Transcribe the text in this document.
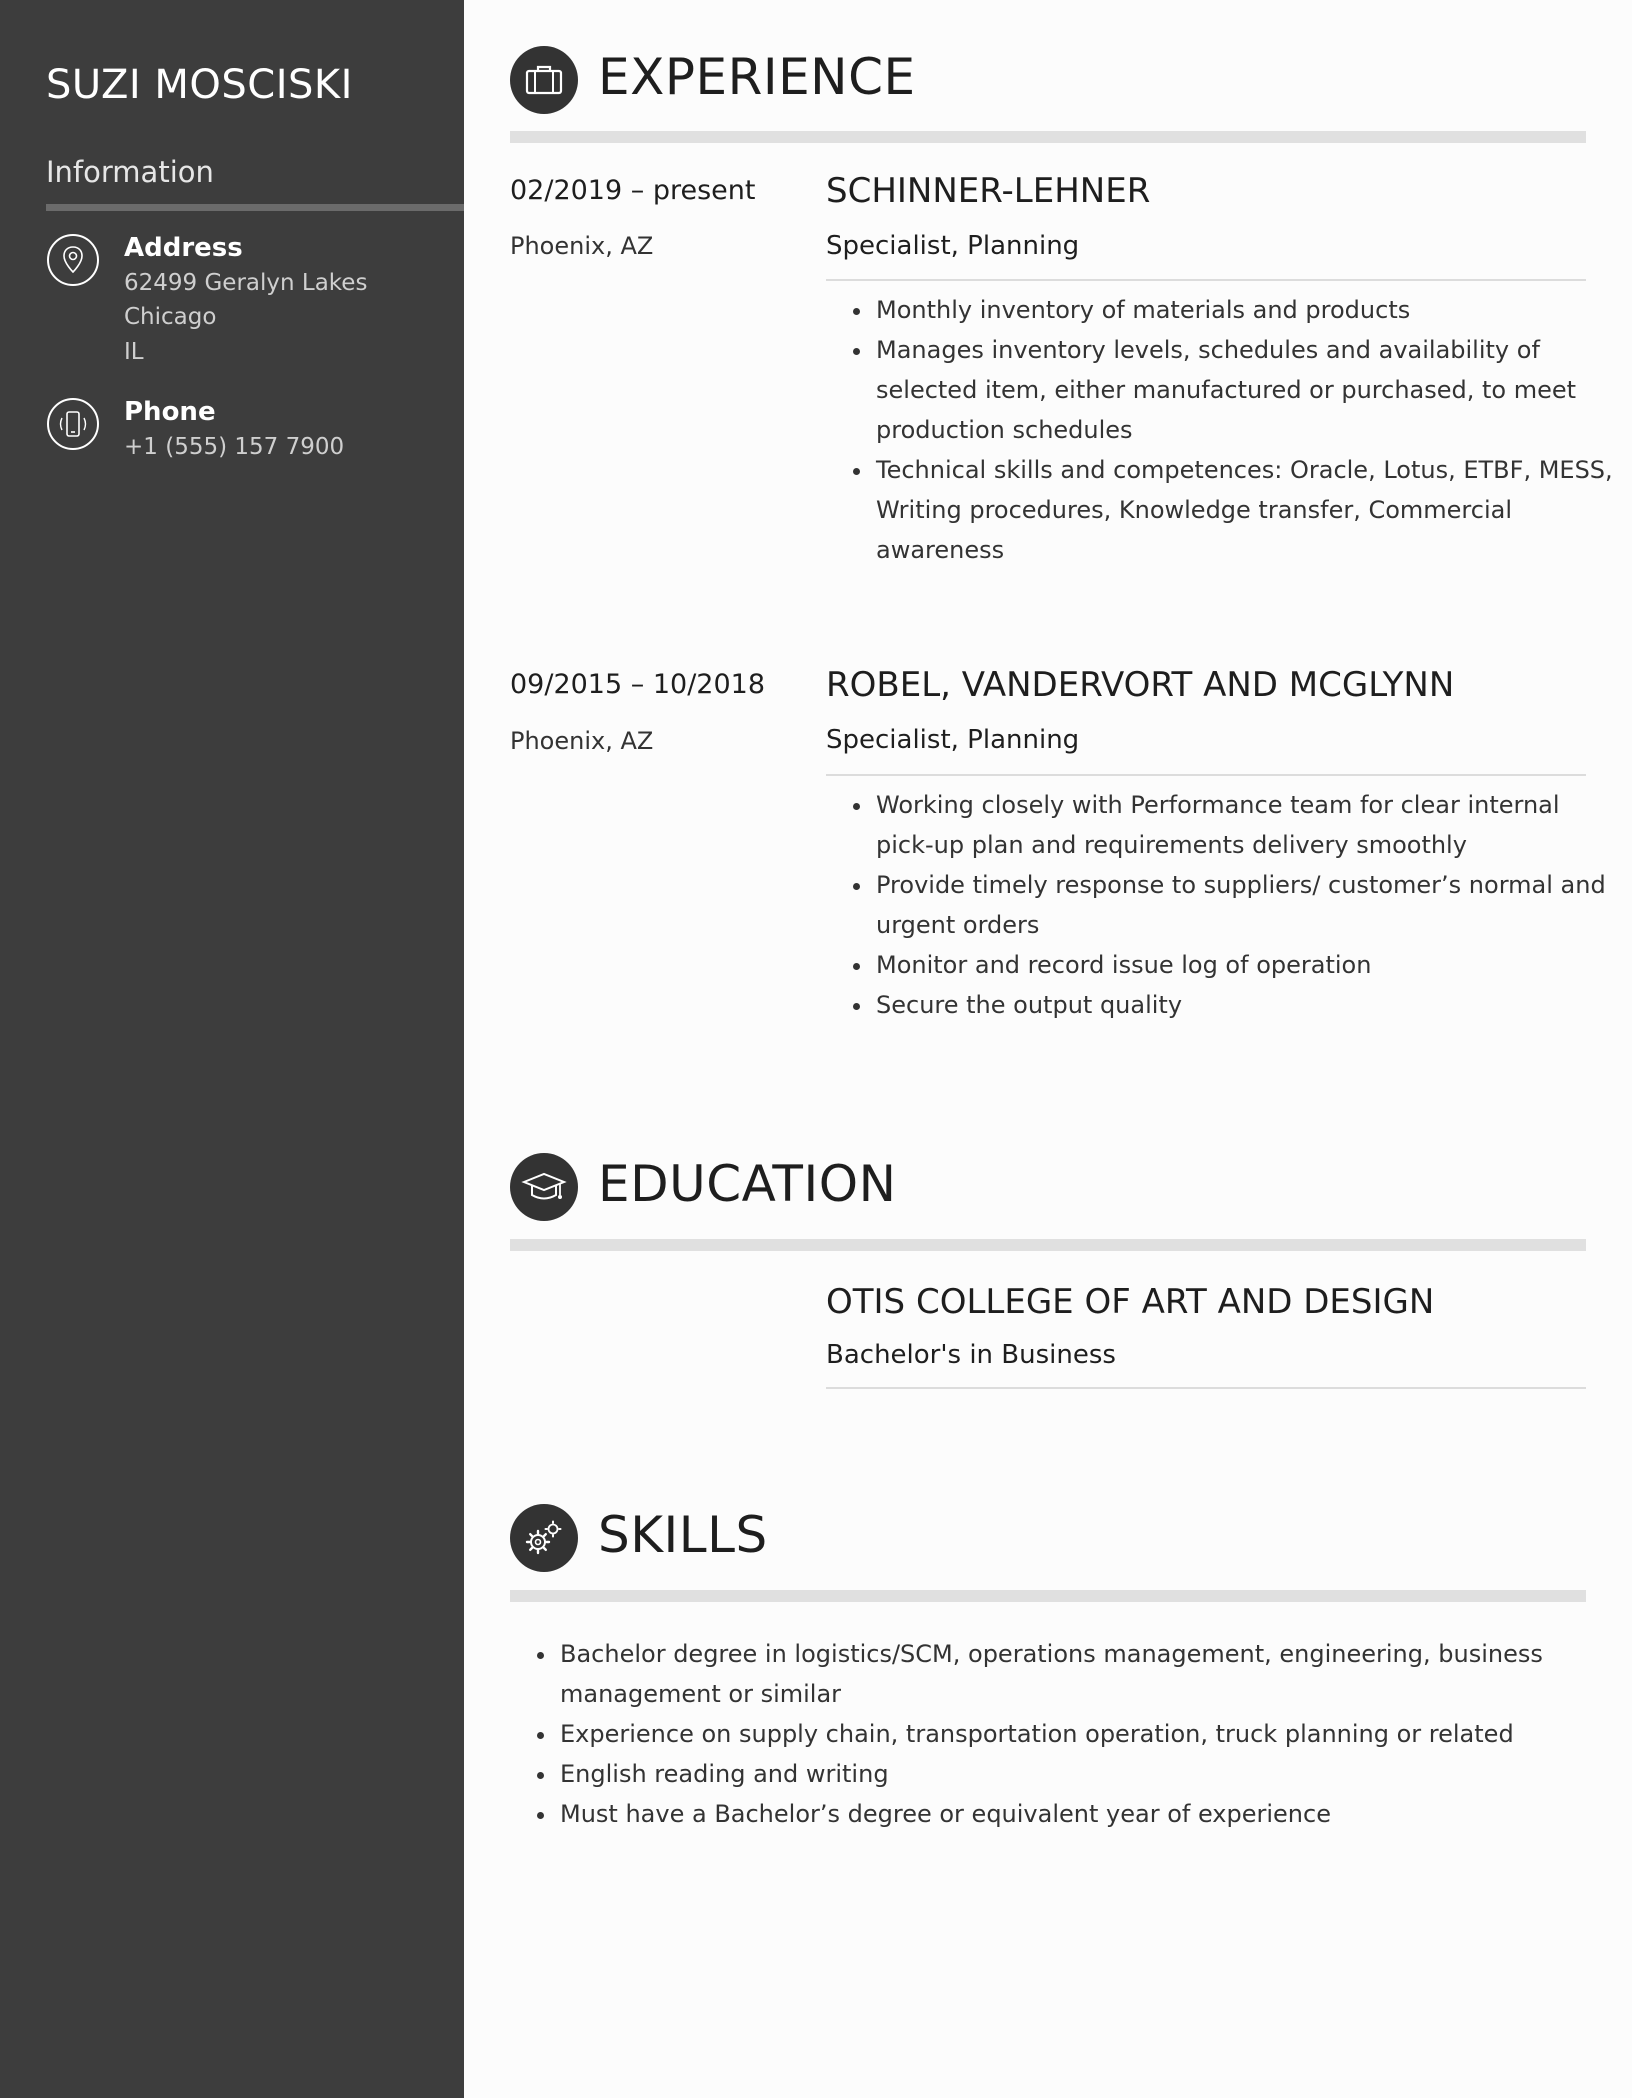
SUZI MOSCISKI
Information
Address
62499 Geralyn Lakes
Chicago
IL
Phone
+1 (555) 157 7900
EXPERIENCE
02/2019 – present
Phoenix, AZ
SCHINNER-LEHNER
Specialist, Planning
• Monthly inventory of materials and products
• Manages inventory levels, schedules and availability of selected item, either manufactured or purchased, to meet production schedules
• Technical skills and competences: Oracle, Lotus, ETBF, MESS, Writing procedures, Knowledge transfer, Commercial awareness
09/2015 – 10/2018
Phoenix, AZ
ROBEL, VANDERVORT AND MCGLYNN
Specialist, Planning
• Working closely with Performance team for clear internal pick-up plan and requirements delivery smoothly
• Provide timely response to suppliers/ customer’s normal and urgent orders
• Monitor and record issue log of operation
• Secure the output quality
EDUCATION
OTIS COLLEGE OF ART AND DESIGN
Bachelor's in Business
SKILLS
• Bachelor degree in logistics/SCM, operations management, engineering, business management or similar
• Experience on supply chain, transportation operation, truck planning or related
• English reading and writing
• Must have a Bachelor’s degree or equivalent year of experience
